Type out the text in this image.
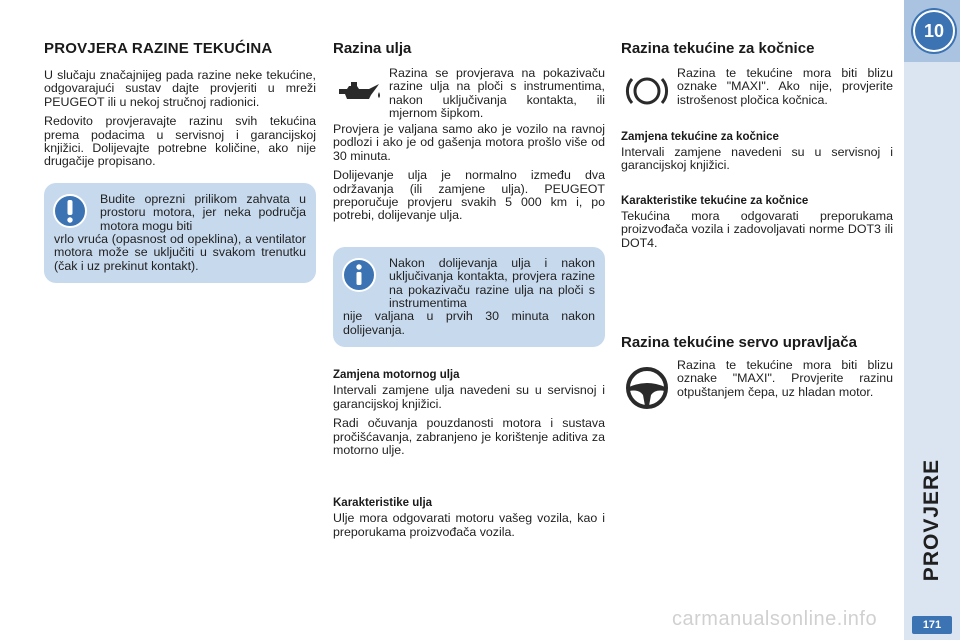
PROVJERA RAZINE TEKUĆINA

U slučaju značajnijeg pada razine neke tekućine, odgovarajući sustav dajte provjeriti u mreži PEUGEOT ili u nekoj stručnoj radionici.

Redovito provjeravajte razinu svih tekućina prema podacima u servisnoj i garancijskoj knjižici. Dolijevajte potrebne količine, ako nije drugačije propisano.

Budite oprezni prilikom zahvata u prostoru motora, jer neka područja motora mogu biti
vrlo vruća (opasnost od opeklina), a ventilator motora može se uključiti u svakom trenutku (čak i uz prekinut kontakt).

Razina ulja

Razina se provjerava na pokazivaču razine ulja na ploči s instrumentima, nakon uključivanja kontakta, ili mjernom šipkom.

Provjera je valjana samo ako je vozilo na ravnoj podlozi i ako je od gašenja motora prošlo više od 30 minuta.

Dolijevanje ulja je normalno između dva održavanja (ili zamjene ulja). PEUGEOT preporučuje provjeru svakih 5 000 km i, po potrebi, dolijevanje ulja.

Nakon dolijevanja ulja i nakon uključivanja kontakta, provjera razine na pokazivaču razine ulja na ploči s instrumentima
nije valjana u prvih 30 minuta nakon dolijevanja.

Zamjena motornog ulja

Intervali zamjene ulja navedeni su u servisnoj i garancijskoj knjižici.

Radi očuvanja pouzdanosti motora i sustava pročišćavanja, zabranjeno je korištenje aditiva za motorno ulje.

Karakteristike ulja

Ulje mora odgovarati motoru vašeg vozila, kao i preporukama proizvođača vozila.

Razina tekućine za kočnice

Razina te tekućine mora biti blizu oznake "MAXI". Ako nije, provjerite istrošenost pločica kočnica.

Zamjena tekućine za kočnice

Intervali zamjene navedeni su u servisnoj i garancijskoj knjižici.

Karakteristike tekućine za kočnice

Tekućina mora odgovarati preporukama proizvođača vozila i zadovoljavati norme DOT3 ili DOT4.

Razina tekućine servo upravljača

Razina te tekućine mora biti blizu oznake "MAXI". Provjerite razinu otpuštanjem čepa, uz hladan motor.

10
PROVJERE
171
carmanualsonline.info
